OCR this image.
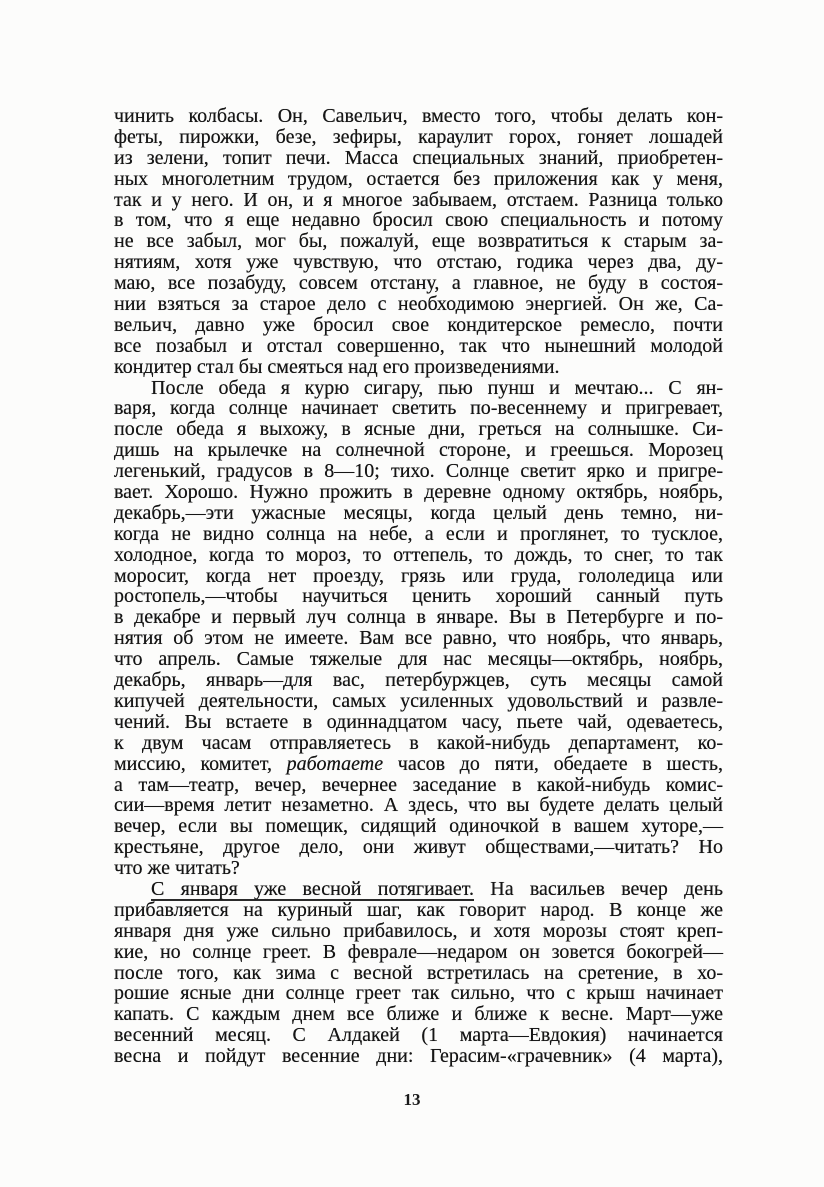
чинить колбасы. Он, Савельич, вместо того, чтобы делать кон-
феты, пирожки, безе, зефиры, караулит горох, гоняет лошадей
из зелени, топит печи. Масса специальных знаний, приобретен-
ных многолетним трудом, остается без приложения как у меня,
так и у него. И он, и я многое забываем, отстаем. Разница только
в том, что я еще недавно бросил свою специальность и потому
не все забыл, мог бы, пожалуй, еще возвратиться к старым за-
нятиям, хотя уже чувствую, что отстаю, годика через два, ду-
маю, все позабуду, совсем отстану, а главное, не буду в состоя-
нии взяться за старое дело с необходимою энергией. Он же, Са-
вельич, давно уже бросил свое кондитерское ремесло, почти
все позабыл и отстал совершенно, так что нынешний молодой
кондитер стал бы смеяться над его произведениями.
После обеда я курю сигару, пью пунш и мечтаю... С ян-
варя, когда солнце начинает светить по-весеннему и пригревает,
после обеда я выхожу, в ясные дни, греться на солнышке. Си-
дишь на крылечке на солнечной стороне, и греешься. Морозец
легенький, градусов в 8—10; тихо. Солнце светит ярко и пригре-
вает. Хорошо. Нужно прожить в деревне одному октябрь, ноябрь,
декабрь,—эти ужасные месяцы, когда целый день темно, ни-
когда не видно солнца на небе, а если и проглянет, то тусклое,
холодное, когда то мороз, то оттепель, то дождь, то снег, то так
моросит, когда нет проезду, грязь или груда, гололедица или
ростопель,—чтобы научиться ценить хороший санный путь
в декабре и первый луч солнца в январе. Вы в Петербурге и по-
нятия об этом не имеете. Вам все равно, что ноябрь, что январь,
что апрель. Самые тяжелые для нас месяцы—октябрь, ноябрь,
декабрь, январь—для вас, петербуржцев, суть месяцы самой
кипучей деятельности, самых усиленных удовольствий и развле-
чений. Вы встаете в одиннадцатом часу, пьете чай, одеваетесь,
к двум часам отправляетесь в какой-нибудь департамент, ко-
миссию, комитет, работаете часов до пяти, обедаете в шесть,
а там—театр, вечер, вечернее заседание в какой-нибудь комис-
сии—время летит незаметно. А здесь, что вы будете делать целый
вечер, если вы помещик, сидящий одиночкой в вашем хуторе,—
крестьяне, другое дело, они живут обществами,—читать? Но
что же читать?
С января уже весной потягивает. На васильев вечер день
прибавляется на куриный шаг, как говорит народ. В конце же
января дня уже сильно прибавилось, и хотя морозы стоят креп-
кие, но солнце греет. В феврале—недаром он зовется бокогрей—
после того, как зима с весной встретилась на сретение, в хо-
рошие ясные дни солнце греет так сильно, что с крыш начинает
капать. С каждым днем все ближе и ближе к весне. Март—уже
весенний месяц. С Алдакей (1 марта—Евдокия) начинается
весна и пойдут весенние дни: Герасим-«грачевник» (4 марта),
13
